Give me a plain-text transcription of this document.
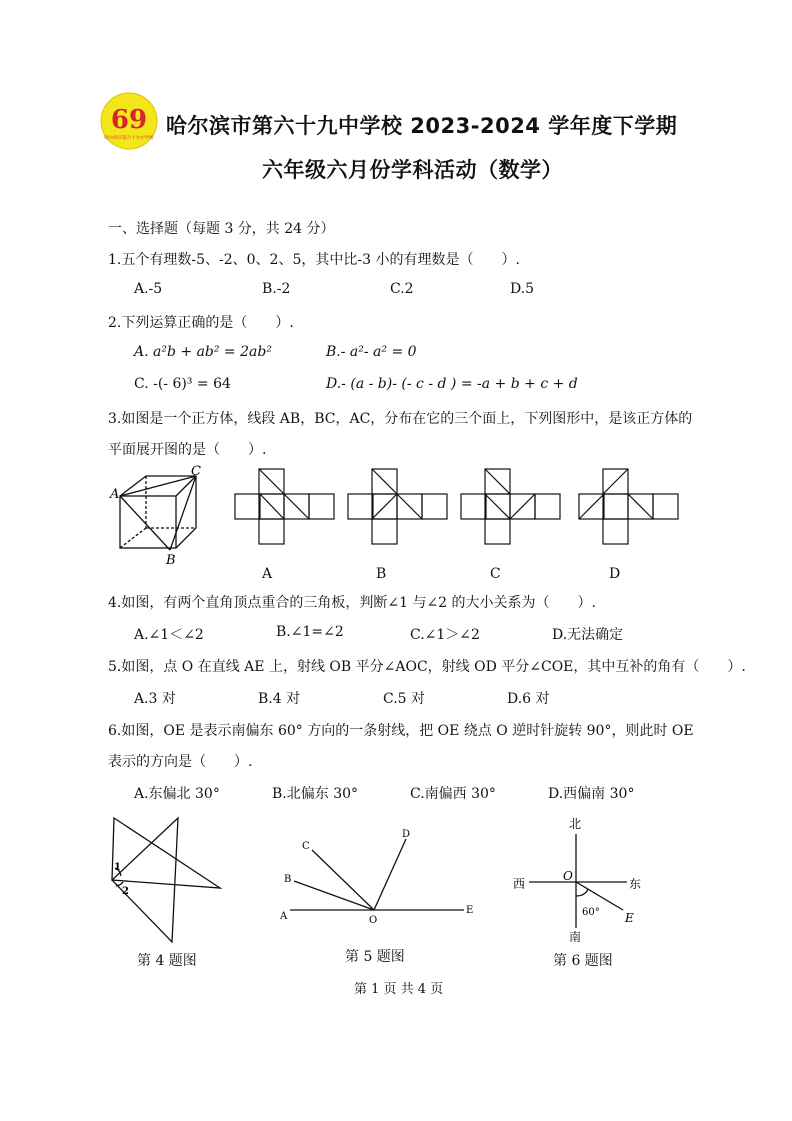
69
哈尔滨市第六十九中学校
哈尔滨市第六十九中学校 2023-2024 学年度下学期
六年级六月份学科活动（数学）
一、选择题（每题 3 分，共 24 分）
1.五个有理数-5、-2、0、2、5，其中比-3 小的有理数是（　　）.
A.-5	B.-2	C.2	D.5
2.下列运算正确的是（　　）.
A. a²b + ab² = 2ab²	B.- a²- a² = 0
C. -(- 6)³ = 64	D.- (a - b)- (- c - d ) = -a + b + c + d
3.如图是一个正方体，线段 AB，BC，AC，分布在它的三个面上，下列图形中，是该正方体的
平面展开图的是（　　）.
A
B
C
A	B	C	D
4.如图，有两个直角顶点重合的三角板，判断∠1 与∠2 的大小关系为（　　）.
A.∠1＜∠2	B.∠1=∠2	C.∠1＞∠2	D.无法确定
5.如图，点 O 在直线 AE 上，射线 OB 平分∠AOC，射线 OD 平分∠COE，其中互补的角有（　　）.
A.3 对	B.4 对	C.5 对	D.6 对
6.如图，OE 是表示南偏东 60° 方向的一条射线，把 OE 绕点 O 逆时针旋转 90°，则此时 OE
表示的方向是（　　）.
A.东偏北 30°	B.北偏东 30°	C.南偏西 30°	D.西偏南 30°
1
2
第 4 题图
A
B
C
D
O
E
第 5 题图
北
西
O
东
60° E
南
第 6 题图
第 1 页 共 4 页
